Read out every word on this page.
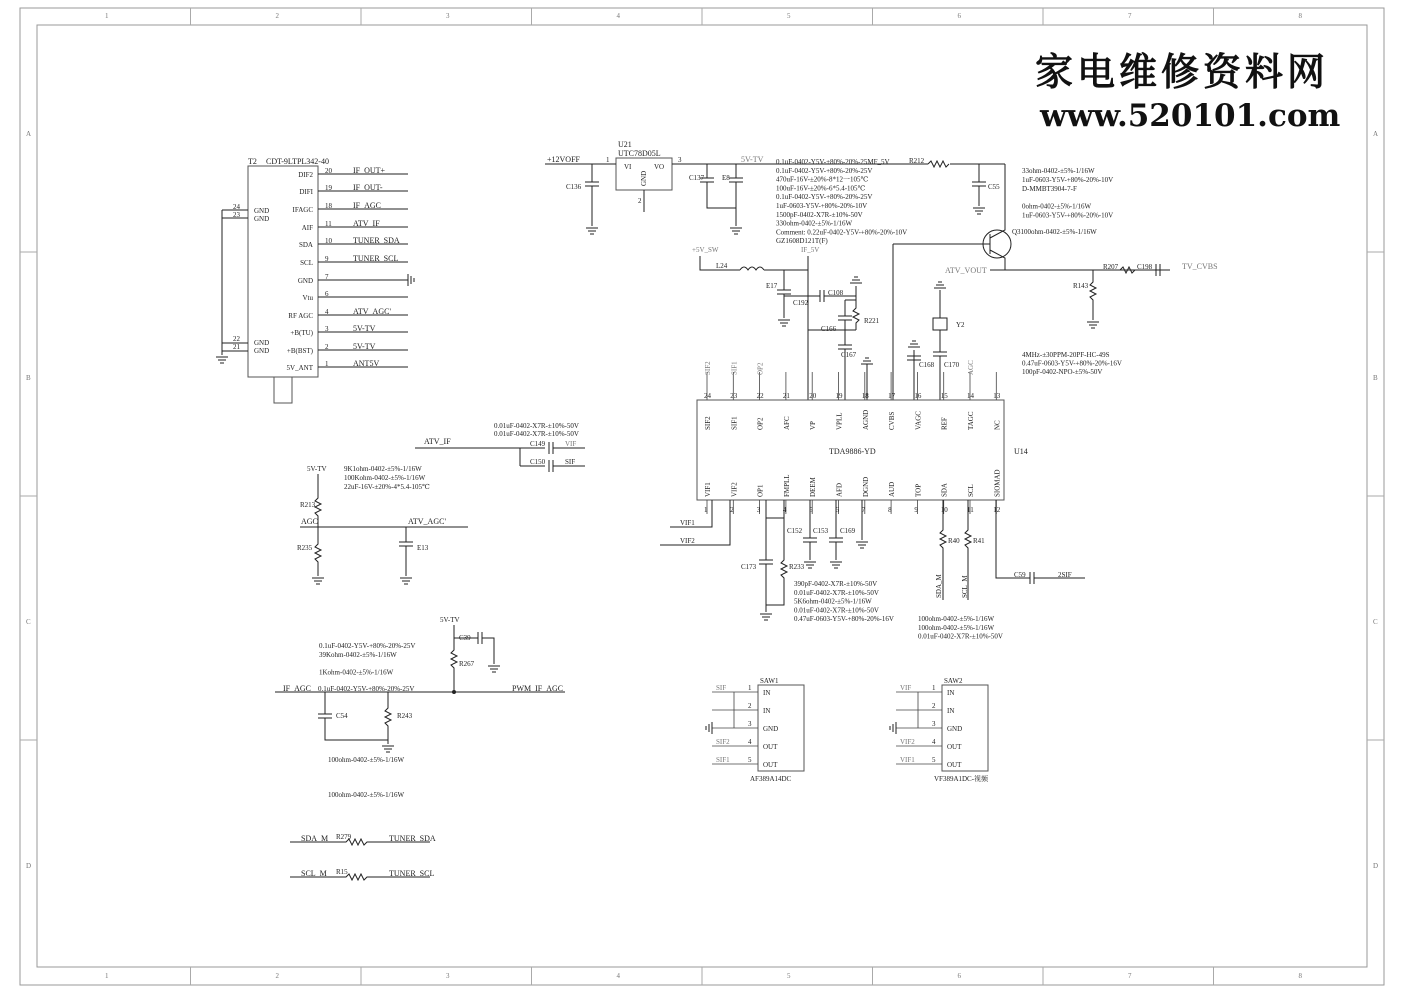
1
1
2
2
3
3
4
4
5
5
6
6
7
7
8
8
A	A
B	B
C	C
D	D
家电维修资料网
www.520101.com
T2 CDT-9LTPL342-40
DIF2 20	IF_OUT+
DIFI 19	IF_OUT-
IFAGC 18	IF_AGC
AIF 11	ATV_IF
SDA 10	TUNER_SDA
SCL 9	TUNER_SCL
GND 7
Vtu 6
RF AGC 4	ATV_AGC'
+B(TU) 3	5V-TV
+B(BST) 2	5V-TV
5V_ANT 1	ANT5V
24
23 GND
GND
22
21 GND
GND
U21
UTC78D05L
VI	VO
GND
+12VOFF	1	3
2
5V-TV
C136
C137	E8
R212
C55
0.1uF-0402-Y5V-+80%-20%-25MF_5V
0.1uF-0402-Y5V-+80%-20%-25V
470uF-16V-±20%-8*12一105℃
100uF-16V-±20%-6*5.4-105℃
0.1uF-0402-Y5V-+80%-20%-25V
1uF-0603-Y5V-+80%-20%-10V
1500pF-0402-X7R-±10%-50V
330ohm-0402-±5%-1/16W
Comment: 0.22uF-0402-Y5V-+80%-20%-10V
GZ1608D121T(F)
33ohm-0402-±5%-1/16W
1uF-0603-Y5V-+80%-20%-10V
D-MMBT3904-7-F
0ohm-0402-±5%-1/16W
1uF-0603-Y5V-+80%-20%-10V
Q3100ohm-0402-±5%-1/16W
R143
R207	C198	TV_CVBS
ATV_VOUT
+5V_SW
L24
IF_5V
E17
C192
C108
C166
R221
C167
C168
Y2
C170
4MHz-±30PPM-20PF-HC-49S
0.47uF-0603-Y5V-+80%-20%-16V
100pF-0402-NPO-±5%-50V
TDA9886-YD	U14
24
SIF2
SIF2
23
SIF1
SIF1
22
OP2
OP2
21
AFC
20
VP
19
VPLL
18
AGND
17
CVBS
16
VAGC
15
REF
14
TAGC
AGC
13
NC
1
VIF1
2
VIF2
3
OP1
4
FMPLL
5
DEEM
6
AFD
7
DGND
8
AUD
9
TOP
10
SDA
11
SCL
12
SIOMAD
VIF1
VIF2
ATV_IF
0.01uF-0402-X7R-±10%-50V
0.01uF-0402-X7R-±10%-50V
C149	VIF
C150	SIF
5V-TV 9K1ohm-0402-±5%-1/16W
100Kohm-0402-±5%-1/16W
22uF-16V-±20%-4*5.4-105℃
R213
AGC	ATV_AGC'
R235	E13
C173	R233
C152 C153 C169
390pF-0402-X7R-±10%-50V
0.01uF-0402-X7R-±10%-50V
5K6ohm-0402-±5%-1/16W
0.01uF-0402-X7R-±10%-50V
0.47uF-0603-Y5V-+80%-20%-16V
R40 R41
SDA_M	SCL_M
C59	2SIF
100ohm-0402-±5%-1/16W
100ohm-0402-±5%-1/16W
0.01uF-0402-X7R-±10%-50V
5V-TV
C39
R267
IF_AGC 0.1uF-0402-Y5V-+80%-20%-25V	PWM_IF_AGC
C54	R243
0.1uF-0402-Y5V-+80%-20%-25V
39Kohm-0402-±5%-1/16W
1Kohm-0402-±5%-1/16W
100ohm-0402-±5%-1/16W
100ohm-0402-±5%-1/16W
SAW1
AF389A14DC
1
IN
SIF
2
IN
3
GND
4
OUT
SIF2
5
OUT
SIF1
SAW2
VF389A1DC-视频
1
IN
VIF
2
IN
3
GND
4
OUT
VIF2
5
OUT
VIF1
SDA_M R279	TUNER_SDA
SCL_M R15	TUNER_SCL
